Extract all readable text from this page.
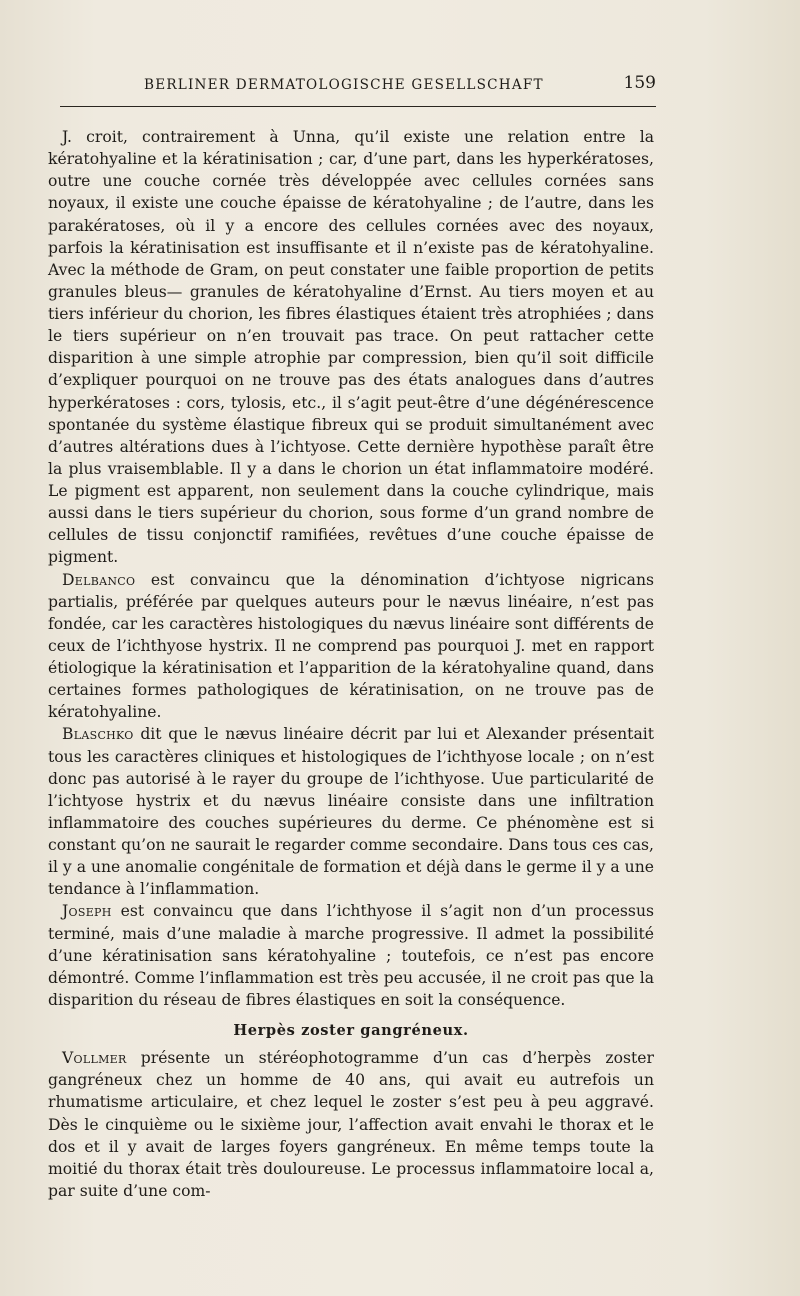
BERLINER DERMATOLOGISCHE GESELLSCHAFT	159

J. croit, contrairement à Unna, qu’il existe une relation entre la kératohyaline et la kératinisation ; car, d’une part, dans les hyperkératoses, outre une couche cornée très développée avec cellules cornées sans noyaux, il existe une couche épaisse de kératohyaline ; de l’autre, dans les parakératoses, où il y a encore des cellules cornées avec des noyaux, parfois la kératinisation est insuffisante et il n’existe pas de kératohyaline. Avec la méthode de Gram, on peut constater une faible proportion de petits granules bleus— granules de kératohyaline d’Ernst. Au tiers moyen et au tiers inférieur du chorion, les fibres élastiques étaient très atrophiées ; dans le tiers supérieur on n’en trouvait pas trace. On peut rattacher cette disparition à une simple atrophie par compression, bien qu’il soit difficile d’expliquer pourquoi on ne trouve pas des états analogues dans d’autres hyperkératoses : cors, tylosis, etc., il s’agit peut-être d’une dégénérescence spontanée du système élastique fibreux qui se produit simultanément avec d’autres altérations dues à l’ichtyose. Cette dernière hypothèse paraît être la plus vraisemblable. Il y a dans le chorion un état inflammatoire modéré. Le pigment est apparent, non seulement dans la couche cylindrique, mais aussi dans le tiers supérieur du chorion, sous forme d’un grand nombre de cellules de tissu conjonctif ramifiées, revêtues d’une couche épaisse de pigment.

Delbanco est convaincu que la dénomination d’ichtyose nigricans partialis, préférée par quelques auteurs pour le nævus linéaire, n’est pas fondée, car les caractères histologiques du nævus linéaire sont différents de ceux de l’ichthyose hystrix. Il ne comprend pas pourquoi J. met en rapport étiologique la kératinisation et l’apparition de la kératohyaline quand, dans certaines formes pathologiques de kératinisation, on ne trouve pas de kératohyaline.

Blaschko dit que le nævus linéaire décrit par lui et Alexander présentait tous les caractères cliniques et histologiques de l’ichthyose locale ; on n’est donc pas autorisé à le rayer du groupe de l’ichthyose. Uue particularité de l’ichtyose hystrix et du nævus linéaire consiste dans une infiltration inflammatoire des couches supérieures du derme. Ce phénomène est si constant qu’on ne saurait le regarder comme secondaire. Dans tous ces cas, il y a une anomalie congénitale de formation et déjà dans le germe il y a une tendance à l’inflammation.

Joseph est convaincu que dans l’ichthyose il s’agit non d’un processus terminé, mais d’une maladie à marche progressive. Il admet la possibilité d’une kératinisation sans kératohyaline ; toutefois, ce n’est pas encore démontré. Comme l’inflammation est très peu accusée, il ne croit pas que la disparition du réseau de fibres élastiques en soit la conséquence.

Herpès zoster gangréneux.

Vollmer présente un stéréophotogramme d’un cas d’herpès zoster gangréneux chez un homme de 40 ans, qui avait eu autrefois un rhumatisme articulaire, et chez lequel le zoster s’est peu à peu aggravé. Dès le cinquième ou le sixième jour, l’affection avait envahi le thorax et le dos et il y avait de larges foyers gangréneux. En même temps toute la moitié du thorax était très douloureuse. Le processus inflammatoire local a, par suite d’une com-
